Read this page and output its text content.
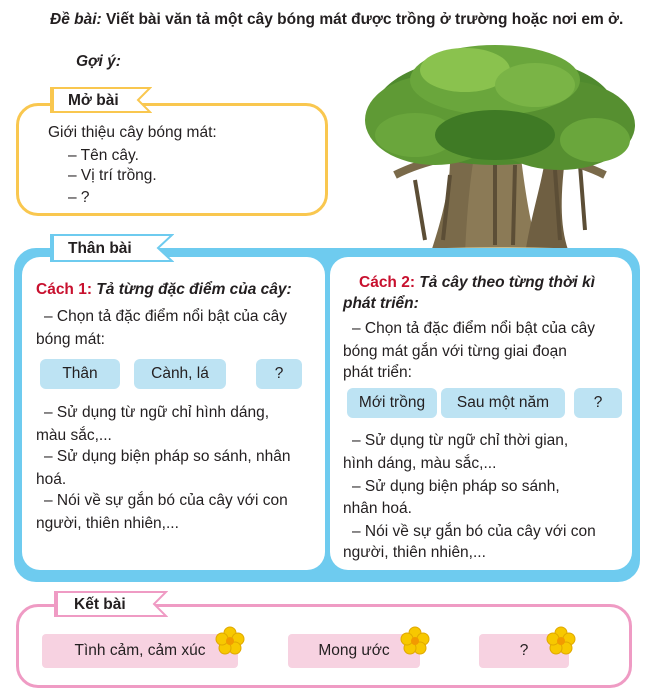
Đề bài: Viết bài văn tả một cây bóng mát được trồng ở trường hoặc nơi em ở.
Gợi ý:
Mở bài
Giới thiệu cây bóng mát:
– Tên cây.
– Vị trí trồng.
– ?
Thân bài
Cách 1: Tả từng đặc điểm của cây:
– Chọn tả đặc điểm nổi bật của cây
bóng mát:
Thân	Cành, lá	?
– Sử dụng từ ngữ chỉ hình dáng,
màu sắc,...
– Sử dụng biện pháp so sánh, nhân
hoá.
– Nói về sự gắn bó của cây với con
người, thiên nhiên,...
Cách 2: Tả cây theo từng thời kì
phát triển:
– Chọn tả đặc điểm nổi bật của cây
bóng mát gắn với từng giai đoạn
phát triển:
Mới trồng	Sau một năm	?
– Sử dụng từ ngữ chỉ thời gian,
hình dáng, màu sắc,...
– Sử dụng biện pháp so sánh,
nhân hoá.
– Nói về sự gắn bó của cây với con
người, thiên nhiên,...
Kết bài
Tình cảm, cảm xúc	Mong ước	?
